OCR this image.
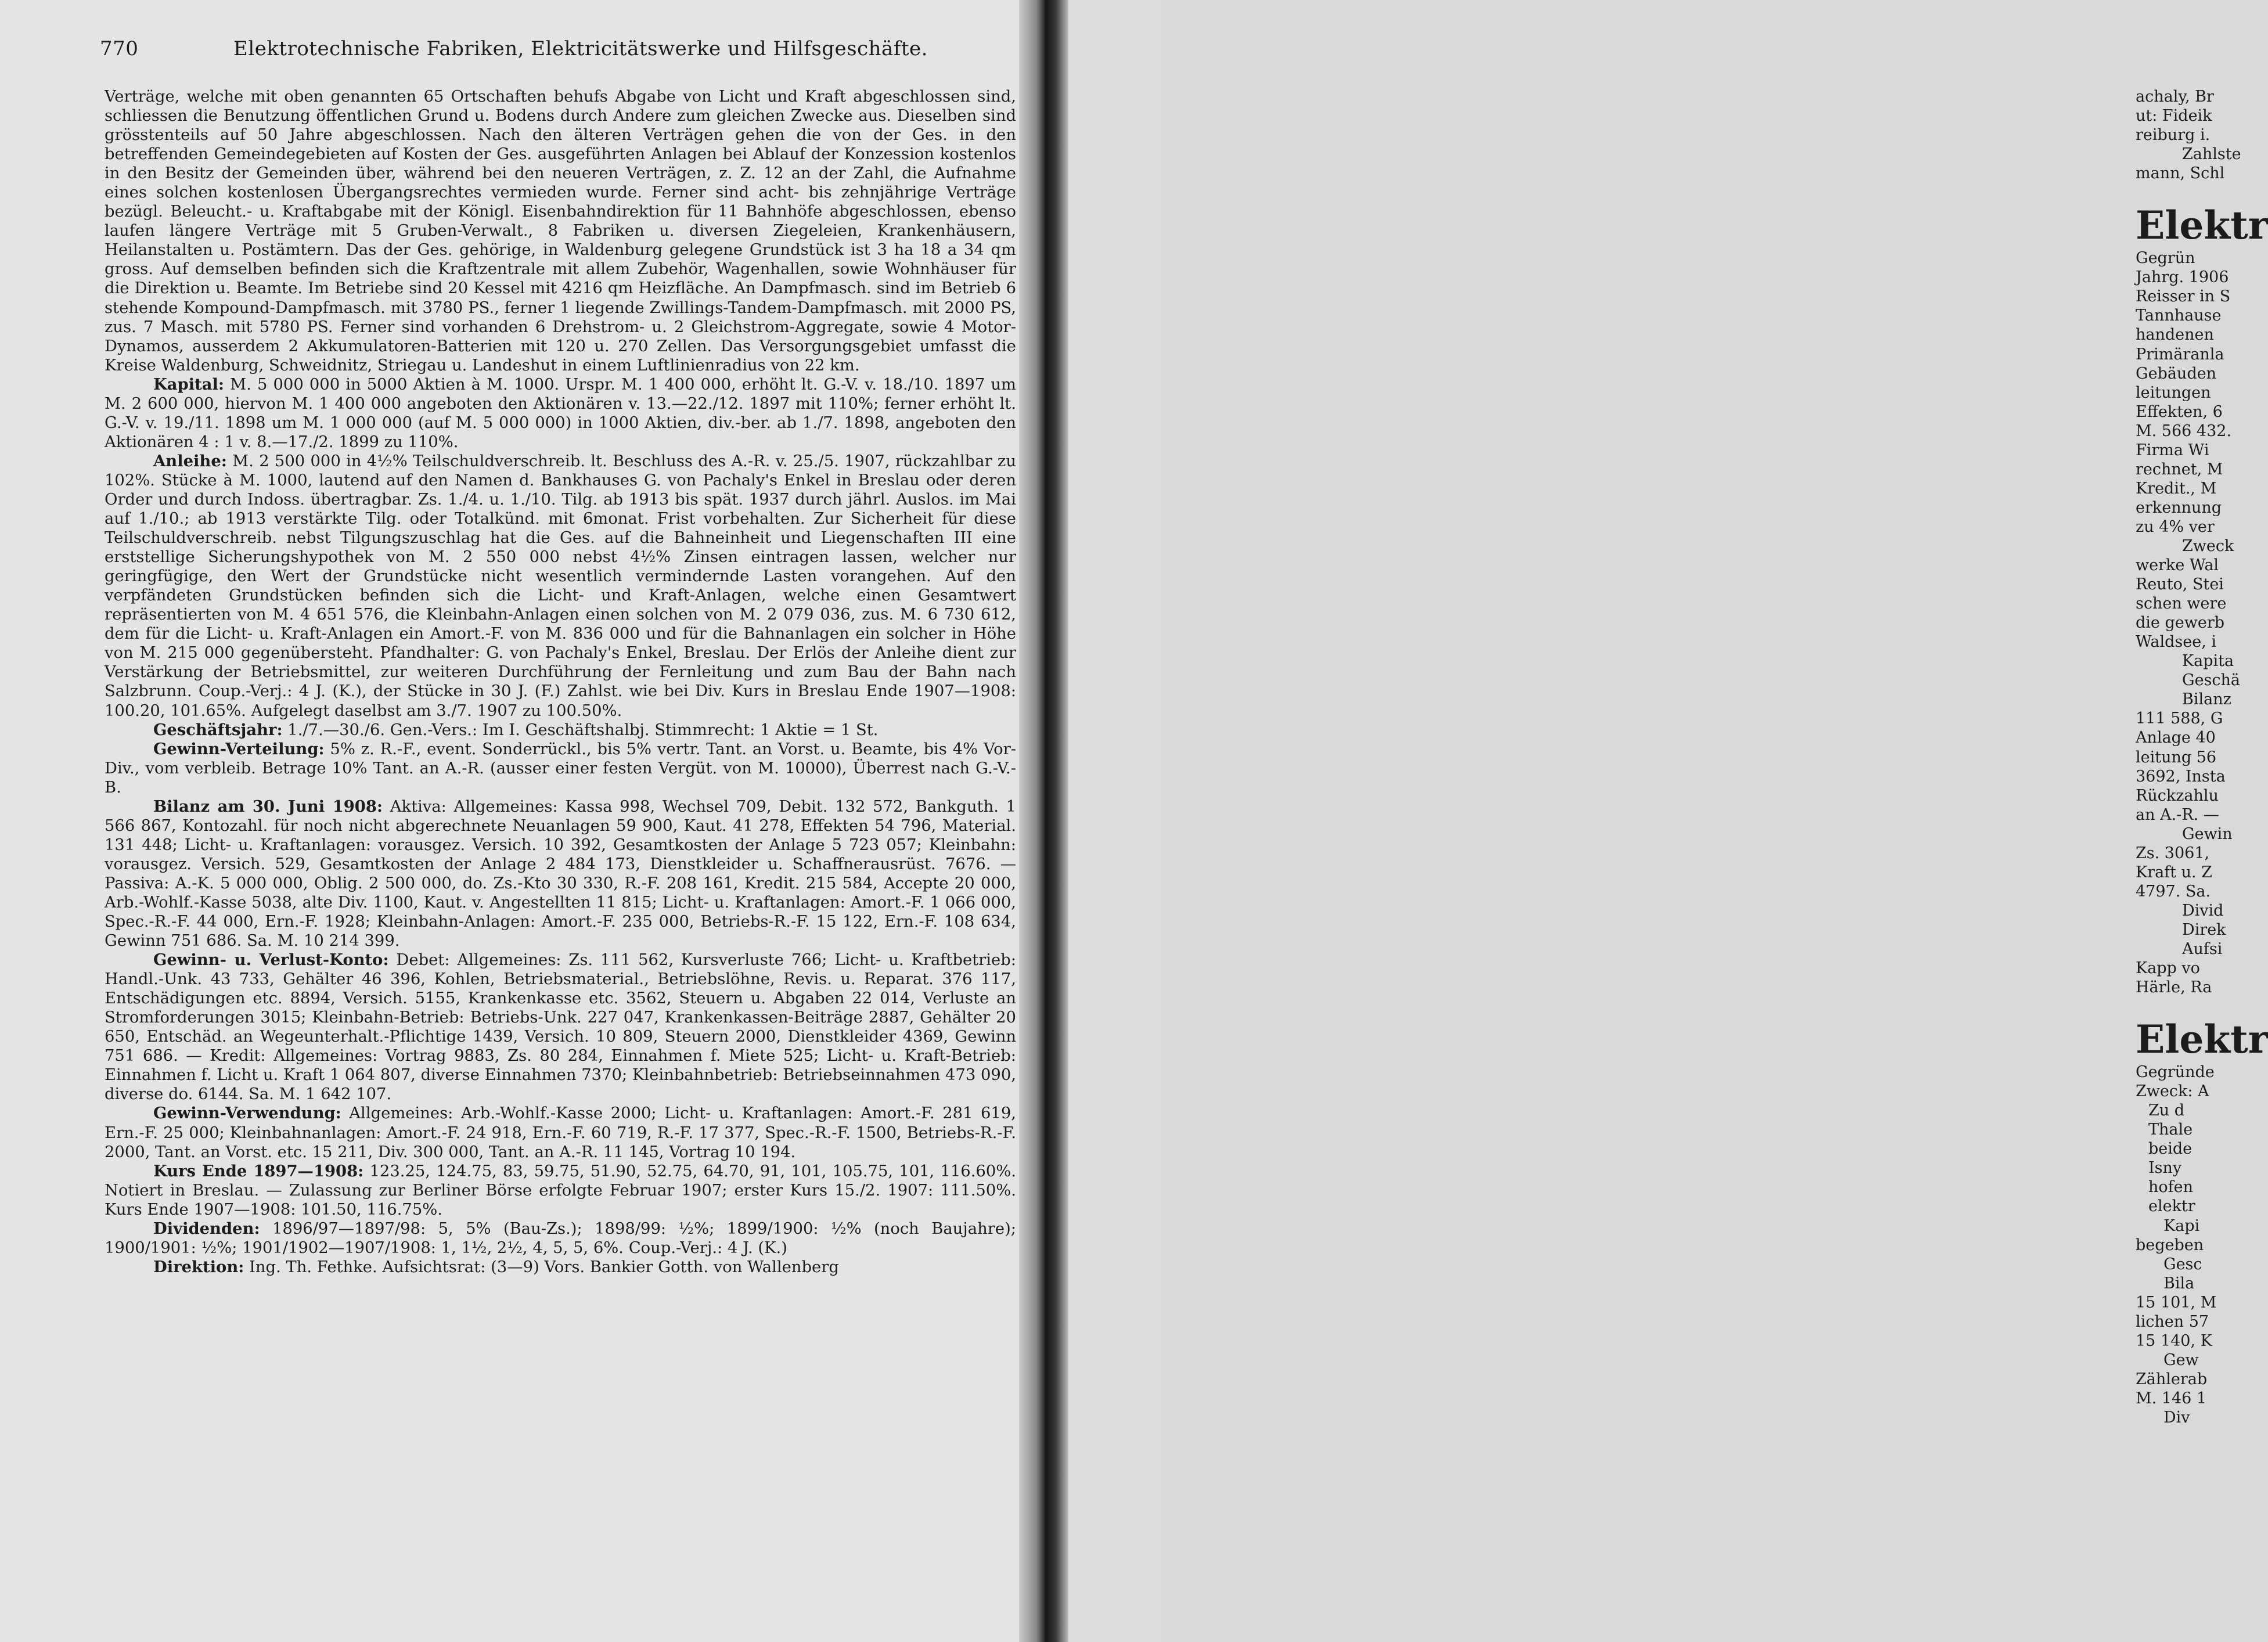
770	Elektrotechnische Fabriken, Elektricitätswerke und Hilfsgeschäfte.

Verträge, welche mit oben genannten 65 Ortschaften behufs Abgabe von Licht und Kraft abgeschlossen sind, schliessen die Benutzung öffentlichen Grund u. Bodens durch Andere zum gleichen Zwecke aus. Dieselben sind grösstenteils auf 50 Jahre abgeschlossen. Nach den älteren Verträgen gehen die von der Ges. in den betreffenden Gemeindegebieten auf Kosten der Ges. ausgeführten Anlagen bei Ablauf der Konzession kostenlos in den Besitz der Gemeinden über, während bei den neueren Verträgen, z. Z. 12 an der Zahl, die Aufnahme eines solchen kostenlosen Übergangsrechtes vermieden wurde. Ferner sind acht- bis zehnjährige Verträge bezügl. Beleucht.- u. Kraftabgabe mit der Königl. Eisenbahndirektion für 11 Bahnhöfe abgeschlossen, ebenso laufen längere Verträge mit 5 Gruben-Verwalt., 8 Fabriken u. diversen Ziegeleien, Krankenhäusern, Heilanstalten u. Postämtern. Das der Ges. gehörige, in Waldenburg gelegene Grundstück ist 3 ha 18 a 34 qm gross. Auf demselben befinden sich die Kraftzentrale mit allem Zubehör, Wagenhallen, sowie Wohnhäuser für die Direktion u. Beamte. Im Betriebe sind 20 Kessel mit 4216 qm Heizfläche. An Dampfmasch. sind im Betrieb 6 stehende Kompound-Dampfmasch. mit 3780 PS., ferner 1 liegende Zwillings-Tandem-Dampfmasch. mit 2000 PS, zus. 7 Masch. mit 5780 PS. Ferner sind vorhanden 6 Drehstrom- u. 2 Gleichstrom-Aggregate, sowie 4 Motor-Dynamos, ausserdem 2 Akkumulatoren-Batterien mit 120 u. 270 Zellen. Das Versorgungsgebiet umfasst die Kreise Waldenburg, Schweidnitz, Striegau u. Landeshut in einem Luftlinienradius von 22 km.

Kapital: M. 5 000 000 in 5000 Aktien à M. 1000. Urspr. M. 1 400 000, erhöht lt. G.-V. v. 18./10. 1897 um M. 2 600 000, hiervon M. 1 400 000 angeboten den Aktionären v. 13.—22./12. 1897 mit 110%; ferner erhöht lt. G.-V. v. 19./11. 1898 um M. 1 000 000 (auf M. 5 000 000) in 1000 Aktien, div.-ber. ab 1./7. 1898, angeboten den Aktionären 4 : 1 v. 8.—17./2. 1899 zu 110%.

Anleihe: M. 2 500 000 in 4½% Teilschuldverschreib. lt. Beschluss des A.-R. v. 25./5. 1907, rückzahlbar zu 102%. Stücke à M. 1000, lautend auf den Namen d. Bankhauses G. von Pachaly's Enkel in Breslau oder deren Order und durch Indoss. übertragbar. Zs. 1./4. u. 1./10. Tilg. ab 1913 bis spät. 1937 durch jährl. Auslos. im Mai auf 1./10.; ab 1913 verstärkte Tilg. oder Totalkünd. mit 6monat. Frist vorbehalten. Zur Sicherheit für diese Teilschuldverschreib. nebst Tilgungszuschlag hat die Ges. auf die Bahneinheit und Liegenschaften III eine erststellige Sicherungshypothek von M. 2 550 000 nebst 4½% Zinsen eintragen lassen, welcher nur geringfügige, den Wert der Grundstücke nicht wesentlich vermindernde Lasten vorangehen. Auf den verpfändeten Grundstücken befinden sich die Licht- und Kraft-Anlagen, welche einen Gesamtwert repräsentierten von M. 4 651 576, die Kleinbahn-Anlagen einen solchen von M. 2 079 036, zus. M. 6 730 612, dem für die Licht- u. Kraft-Anlagen ein Amort.-F. von M. 836 000 und für die Bahnanlagen ein solcher in Höhe von M. 215 000 gegenübersteht. Pfandhalter: G. von Pachaly's Enkel, Breslau. Der Erlös der Anleihe dient zur Verstärkung der Betriebsmittel, zur weiteren Durchführung der Fernleitung und zum Bau der Bahn nach Salzbrunn. Coup.-Verj.: 4 J. (K.), der Stücke in 30 J. (F.) Zahlst. wie bei Div. Kurs in Breslau Ende 1907—1908: 100.20, 101.65%. Aufgelegt daselbst am 3./7. 1907 zu 100.50%.

Geschäftsjahr: 1./7.—30./6. Gen.-Vers.: Im I. Geschäftshalbj. Stimmrecht: 1 Aktie = 1 St.

Gewinn-Verteilung: 5% z. R.-F., event. Sonderrückl., bis 5% vertr. Tant. an Vorst. u. Beamte, bis 4% Vor-Div., vom verbleib. Betrage 10% Tant. an A.-R. (ausser einer festen Vergüt. von M. 10000), Überrest nach G.-V.-B.

Bilanz am 30. Juni 1908: Aktiva: Allgemeines: Kassa 998, Wechsel 709, Debit. 132 572, Bankguth. 1 566 867, Kontozahl. für noch nicht abgerechnete Neuanlagen 59 900, Kaut. 41 278, Effekten 54 796, Material. 131 448; Licht- u. Kraftanlagen: vorausgez. Versich. 10 392, Gesamtkosten der Anlage 5 723 057; Kleinbahn: vorausgez. Versich. 529, Gesamtkosten der Anlage 2 484 173, Dienstkleider u. Schaffnerausrüst. 7676. — Passiva: A.-K. 5 000 000, Oblig. 2 500 000, do. Zs.-Kto 30 330, R.-F. 208 161, Kredit. 215 584, Accepte 20 000, Arb.-Wohlf.-Kasse 5038, alte Div. 1100, Kaut. v. Angestellten 11 815; Licht- u. Kraftanlagen: Amort.-F. 1 066 000, Spec.-R.-F. 44 000, Ern.-F. 1928; Kleinbahn-Anlagen: Amort.-F. 235 000, Betriebs-R.-F. 15 122, Ern.-F. 108 634, Gewinn 751 686. Sa. M. 10 214 399.

Gewinn- u. Verlust-Konto: Debet: Allgemeines: Zs. 111 562, Kursverluste 766; Licht- u. Kraftbetrieb: Handl.-Unk. 43 733, Gehälter 46 396, Kohlen, Betriebsmaterial., Betriebslöhne, Revis. u. Reparat. 376 117, Entschädigungen etc. 8894, Versich. 5155, Krankenkasse etc. 3562, Steuern u. Abgaben 22 014, Verluste an Stromforderungen 3015; Kleinbahn-Betrieb: Betriebs-Unk. 227 047, Krankenkassen-Beiträge 2887, Gehälter 20 650, Entschäd. an Wegeunterhalt.-Pflichtige 1439, Versich. 10 809, Steuern 2000, Dienstkleider 4369, Gewinn 751 686. — Kredit: Allgemeines: Vortrag 9883, Zs. 80 284, Einnahmen f. Miete 525; Licht- u. Kraft-Betrieb: Einnahmen f. Licht u. Kraft 1 064 807, diverse Einnahmen 7370; Kleinbahnbetrieb: Betriebseinnahmen 473 090, diverse do. 6144. Sa. M. 1 642 107.

Gewinn-Verwendung: Allgemeines: Arb.-Wohlf.-Kasse 2000; Licht- u. Kraftanlagen: Amort.-F. 281 619, Ern.-F. 25 000; Kleinbahnanlagen: Amort.-F. 24 918, Ern.-F. 60 719, R.-F. 17 377, Spec.-R.-F. 1500, Betriebs-R.-F. 2000, Tant. an Vorst. etc. 15 211, Div. 300 000, Tant. an A.-R. 11 145, Vortrag 10 194.

Kurs Ende 1897—1908: 123.25, 124.75, 83, 59.75, 51.90, 52.75, 64.70, 91, 101, 105.75, 101, 116.60%. Notiert in Breslau. — Zulassung zur Berliner Börse erfolgte Februar 1907; erster Kurs 15./2. 1907: 111.50%. Kurs Ende 1907—1908: 101.50, 116.75%.

Dividenden: 1896/97—1897/98: 5, 5% (Bau-Zs.); 1898/99: ½%; 1899/1900: ½% (noch Baujahre); 1900/1901: ½%; 1901/1902—1907/1908: 1, 1½, 2½, 4, 5, 5, 6%. Coup.-Verj.: 4 J. (K.)

Direktion: Ing. Th. Fethke. Aufsichtsrat: (3—9) Vors. Bankier Gotth. von Wallenberg

achaly, Br
ut: Fideik
reiburg i.
Zahlste
mann, Schl
Elektr
Gegrün
Jahrg. 1906
Reisser in S
Tannhause
handenen
Primäranla
Gebäuden
leitungen
Effekten, 6
M. 566 432.
Firma Wi
rechnet, M
Kredit., M
erkennung
zu 4% ver
Zweck
werke Wal
Reuto, Stei
schen were
die gewerb
Waldsee, i
Kapita
Geschä
Bilanz
111 588, G
Anlage 40
leitung 56
3692, Insta
Rückzahlu
an A.-R. —
Gewin
Zs. 3061,
Kraft u. Z
4797. Sa.
Divid
Direk
Aufsi
Kapp vo
Härle, Ra
Elektr
Gegründe
Zweck: A
Zu d
Thale
beide
Isny
hofen
elektr
Kapi
begeben
Gesc
Bila
15 101, M
lichen 57
15 140, K
Gew
Zählerab
M. 146 1
Div
